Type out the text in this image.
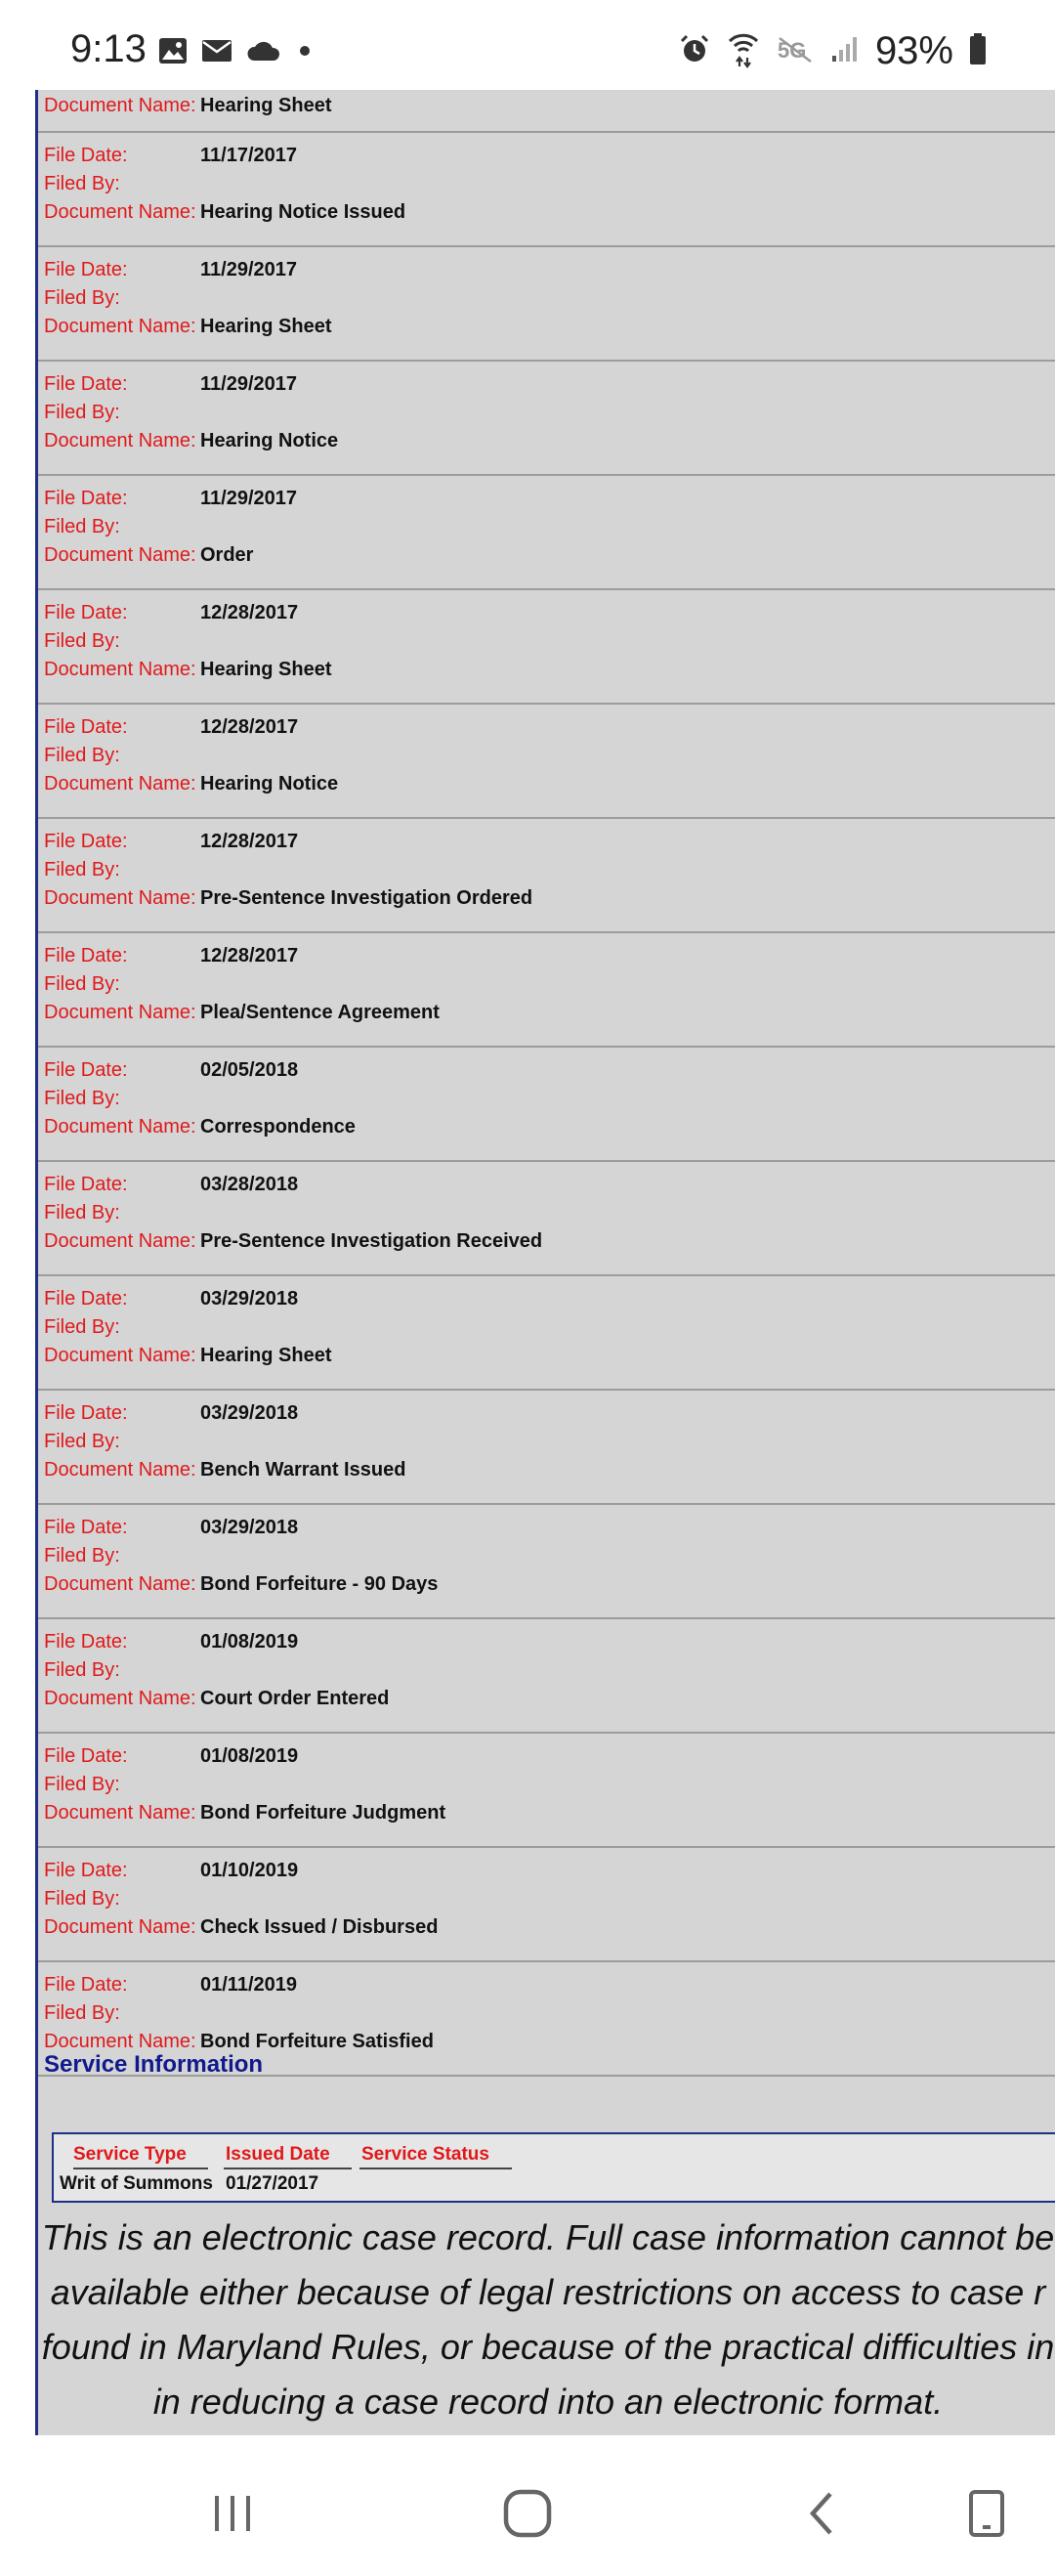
9:13	5G 93%
Document Name: Hearing Sheet
File Date:	11/17/2017
Filed By:
Document Name: Hearing Notice Issued
File Date:	11/29/2017
Filed By:
Document Name: Hearing Sheet
File Date:	11/29/2017
Filed By:
Document Name: Hearing Notice
File Date:	11/29/2017
Filed By:
Document Name: Order
File Date:	12/28/2017
Filed By:
Document Name: Hearing Sheet
File Date:	12/28/2017
Filed By:
Document Name: Hearing Notice
File Date:	12/28/2017
Filed By:
Document Name: Pre-Sentence Investigation Ordered
File Date:	12/28/2017
Filed By:
Document Name: Plea/Sentence Agreement
File Date:	02/05/2018
Filed By:
Document Name: Correspondence
File Date:	03/28/2018
Filed By:
Document Name: Pre-Sentence Investigation Received
File Date:	03/29/2018
Filed By:
Document Name: Hearing Sheet
File Date:	03/29/2018
Filed By:
Document Name: Bench Warrant Issued
File Date:	03/29/2018
Filed By:
Document Name: Bond Forfeiture - 90 Days
File Date:	01/08/2019
Filed By:
Document Name: Court Order Entered
File Date:	01/08/2019
Filed By:
Document Name: Bond Forfeiture Judgment
File Date:	01/10/2019
Filed By:
Document Name: Check Issued / Disbursed
File Date:	01/11/2019
Filed By:
Document Name: Bond Forfeiture Satisfied
Service Information
Service Type	Issued Date	Service Status
Writ of Summons 01/27/2017
This is an electronic case record. Full case information cannot be
available either because of legal restrictions on access to case r
found in Maryland Rules, or because of the practical difficulties in
in reducing a case record into an electronic format.
